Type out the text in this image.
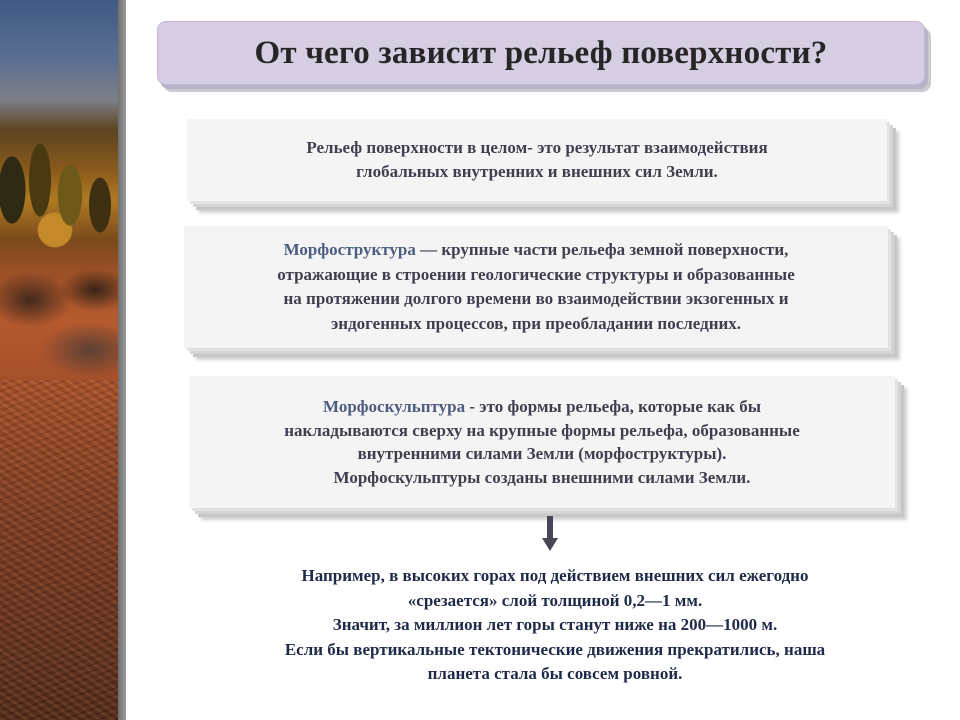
От чего зависит рельеф поверхности?

Рельеф поверхности в целом- это результат взаимодействия
глобальных внутренних и внешних сил Земли.

Морфоструктура — крупные части рельефа земной поверхности,
отражающие в строении геологические структуры и образованные
на протяжении долгого времени во взаимодействии экзогенных и
эндогенных процессов, при преобладании последних.

Морфоскульптура - это формы рельефа, которые как бы
накладываются сверху на крупные формы рельефа, образованные
внутренними силами Земли (морфоструктуры).
Морфоскульптуры созданы внешними силами Земли.

Например, в высоких горах под действием внешних сил ежегодно
«срезается» слой толщиной 0,2—1 мм.
Значит, за миллион лет горы станут ниже на 200—1000 м.
Если бы вертикальные тектонические движения прекратились, наша
планета стала бы совсем ровной.
